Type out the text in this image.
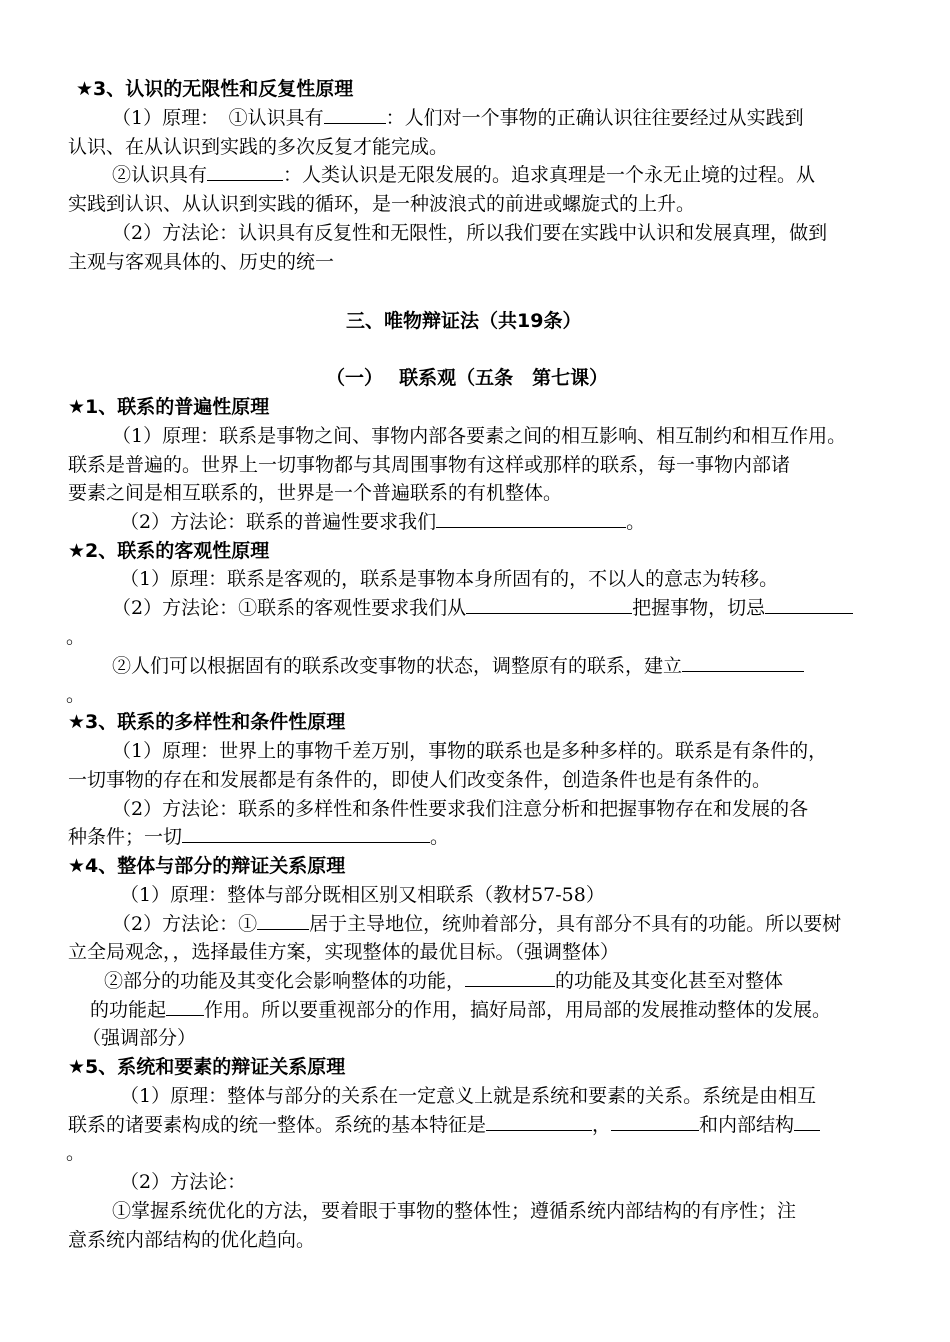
★3、认识的无限性和反复性原理
（1）原理：　①认识具有	：人们对一个事物的正确认识往往要经过从实践到
认识、在从认识到实践的多次反复才能完成。
②认识具有	：人类认识是无限发展的。追求真理是一个永无止境的过程。从
实践到认识、从认识到实践的循环，是一种波浪式的前进或螺旋式的上升。
（2）方法论：认识具有反复性和无限性，所以我们要在实践中认识和发展真理，做到
主观与客观具体的、历史的统一
三、唯物辩证法（共19条）
（一）　 联系观（五条　第七课）
★1、联系的普遍性原理
（1）原理：联系是事物之间、事物内部各要素之间的相互影响、相互制约和相互作用。
联系是普遍的。世界上一切事物都与其周围事物有这样或那样的联系，每一事物内部诸
要素之间是相互联系的，世界是一个普遍联系的有机整体。
（2）方法论：联系的普遍性要求我们	。
★2、联系的客观性原理
（1）原理：联系是客观的，联系是事物本身所固有的，不以人的意志为转移。
（2）方法论：①联系的客观性要求我们从	把握事物，切忌
。
②人们可以根据固有的联系改变事物的状态，调整原有的联系，建立
。
★3、联系的多样性和条件性原理
（1）原理：世界上的事物千差万别，事物的联系也是多种多样的。联系是有条件的，
一切事物的存在和发展都是有条件的，即使人们改变条件，创造条件也是有条件的。
（2）方法论：联系的多样性和条件性要求我们注意分析和把握事物存在和发展的各
种条件；一切	。
★4、整体与部分的辩证关系原理
（1）原理：整体与部分既相区别又相联系（教材57-58）
（2）方法论：①	居于主导地位，统帅着部分，具有部分不具有的功能。所以要树
立全局观念，，选择最佳方案，实现整体的最优目标。（强调整体）
②部分的功能及其变化会影响整体的功能，	的功能及其变化甚至对整体
的功能起 作用。所以要重视部分的作用，搞好局部，用局部的发展推动整体的发展。
（强调部分）
★5、系统和要素的辩证关系原理
（1）原理：整体与部分的关系在一定意义上就是系统和要素的关系。系统是由相互
联系的诸要素构成的统一整体。系统的基本特征是	，	和内部结构
。
（2）方法论：
①掌握系统优化的方法，要着眼于事物的整体性；遵循系统内部结构的有序性；注
意系统内部结构的优化趋向。
